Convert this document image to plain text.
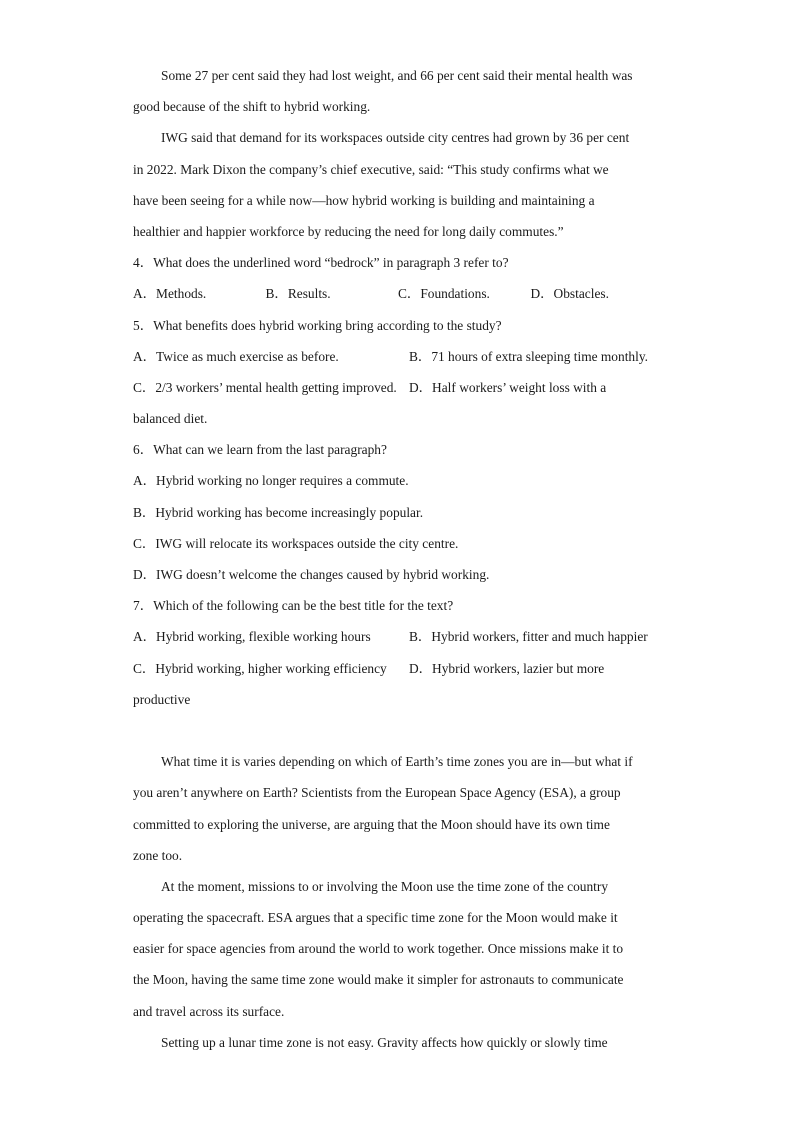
Some 27 per cent said they had lost weight, and 66 per cent said their mental health was
good because of the shift to hybrid working.
IWG said that demand for its workspaces outside city centres had grown by 36 per cent
in 2022. Mark Dixon the company’s chief executive, said: “This study confirms what we
have been seeing for a while now—how hybrid working is building and maintaining a
healthier and happier workforce by reducing the need for long daily commutes.”
4．What does the underlined word “bedrock” in paragraph 3 refer to?
A．Methods.	B．Results.	C．Foundations.	D．Obstacles.
5．What benefits does hybrid working bring according to the study?
A．Twice as much exercise as before.	B．71 hours of extra sleeping time monthly.
C．2/3 workers’ mental health getting improved. D．Half workers’ weight loss with a
balanced diet.
6．What can we learn from the last paragraph?
A．Hybrid working no longer requires a commute.
B．Hybrid working has become increasingly popular.
C．IWG will relocate its workspaces outside the city centre.
D．IWG doesn’t welcome the changes caused by hybrid working.
7．Which of the following can be the best title for the text?
A．Hybrid working, flexible working hours	B．Hybrid workers, fitter and much happier
C．Hybrid working, higher working efficiency	D．Hybrid workers, lazier but more
productive
What time it is varies depending on which of Earth’s time zones you are in—but what if
you aren’t anywhere on Earth? Scientists from the European Space Agency (ESA), a group
committed to exploring the universe, are arguing that the Moon should have its own time
zone too.
At the moment, missions to or involving the Moon use the time zone of the country
operating the spacecraft. ESA argues that a specific time zone for the Moon would make it
easier for space agencies from around the world to work together. Once missions make it to
the Moon, having the same time zone would make it simpler for astronauts to communicate
and travel across its surface.
Setting up a lunar time zone is not easy. Gravity affects how quickly or slowly time
